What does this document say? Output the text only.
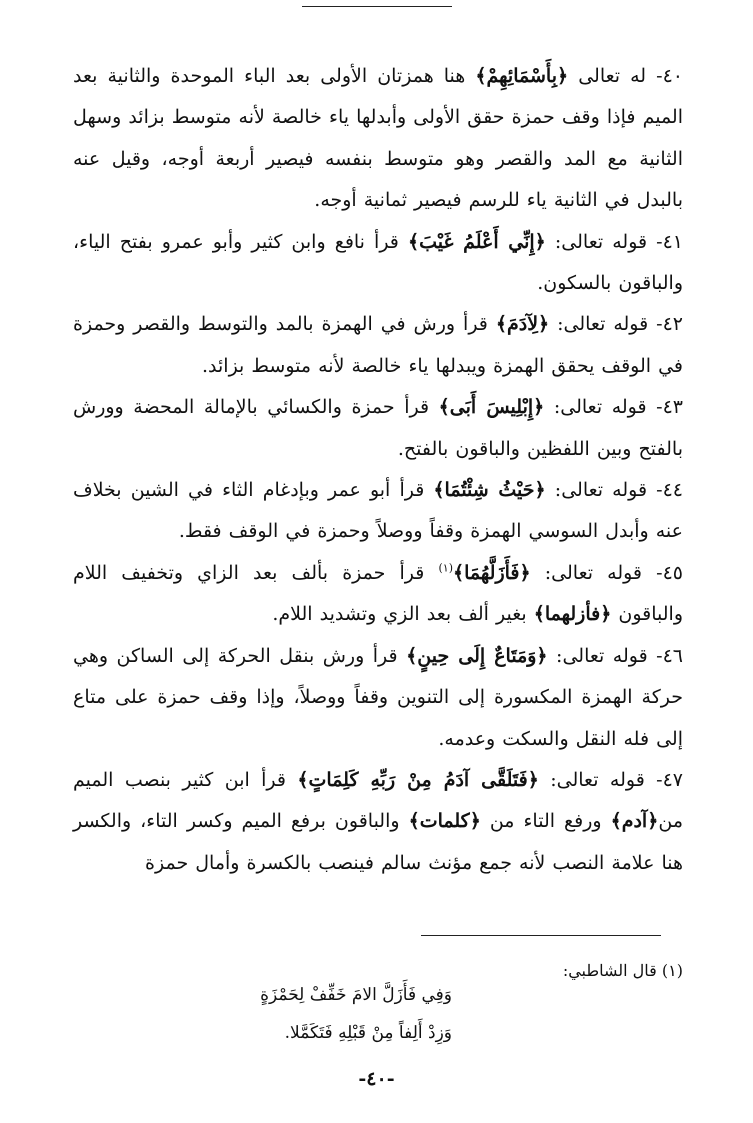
٤٠- له تعالى ﴿بِأَسْمَائِهِمْ﴾ هنا همزتان الأولى بعد الباء الموحدة والثانية بعد الميم فإذا وقف حمزة حقق الأولى وأبدلها ياء خالصة لأنه متوسط بزائد وسهل الثانية مع المد والقصر وهو متوسط بنفسه فيصير أربعة أوجه، وقيل عنه بالبدل في الثانية ياء للرسم فيصير ثمانية أوجه.

٤١- قوله تعالى: ﴿إِنِّي أَعْلَمُ غَيْبَ﴾ قرأ نافع وابن كثير وأبو عمرو بفتح الياء، والباقون بالسكون.

٤٢- قوله تعالى: ﴿لِآدَمَ﴾ قرأ ورش في الهمزة بالمد والتوسط والقصر وحمزة في الوقف يحقق الهمزة ويبدلها ياء خالصة لأنه متوسط بزائد.

٤٣- قوله تعالى: ﴿إِبْلِيسَ أَبَى﴾ قرأ حمزة والكسائي بالإمالة المحضة وورش بالفتح وبين اللفظين والباقون بالفتح.

٤٤- قوله تعالى: ﴿حَيْثُ شِئْتُمَا﴾ قرأ أبو عمر وبإدغام الثاء في الشين بخلاف عنه وأبدل السوسي الهمزة وقفاً ووصلاً وحمزة في الوقف فقط.

٤٥- قوله تعالى: ﴿فَأَزَلَّهُمَا﴾$^{(١)}$ قرأ حمزة بألف بعد الزاي وتخفيف اللام والباقون ﴿فأزلهما﴾ بغير ألف بعد الزي وتشديد اللام.

٤٦- قوله تعالى: ﴿وَمَتَاعٌ إِلَى حِينٍ﴾ قرأ ورش بنقل الحركة إلى الساكن وهي حركة الهمزة المكسورة إلى التنوين وقفاً ووصلاً، وإذا وقف حمزة على متاع إلى فله النقل والسكت وعدمه.

٤٧- قوله تعالى: ﴿فَتَلَقَّى آدَمُ مِنْ رَبِّهِ كَلِمَاتٍ﴾ قرأ ابن كثير بنصب الميم من﴿آدم﴾ ورفع التاء من ﴿كلمات﴾ والباقون برفع الميم وكسر التاء، والكسر هنا علامة النصب لأنه جمع مؤنث سالم فينصب بالكسرة وأمال حمزة

(١) قال الشاطبي:
وَفِي فَأَزَلَّ الامَ خَفِّفْ لِحَمْزَةٍ
وَزِدْ أَلِفاً مِنْ قَبْلِهِ فَتَكَمَّلا.
-٤٠-
